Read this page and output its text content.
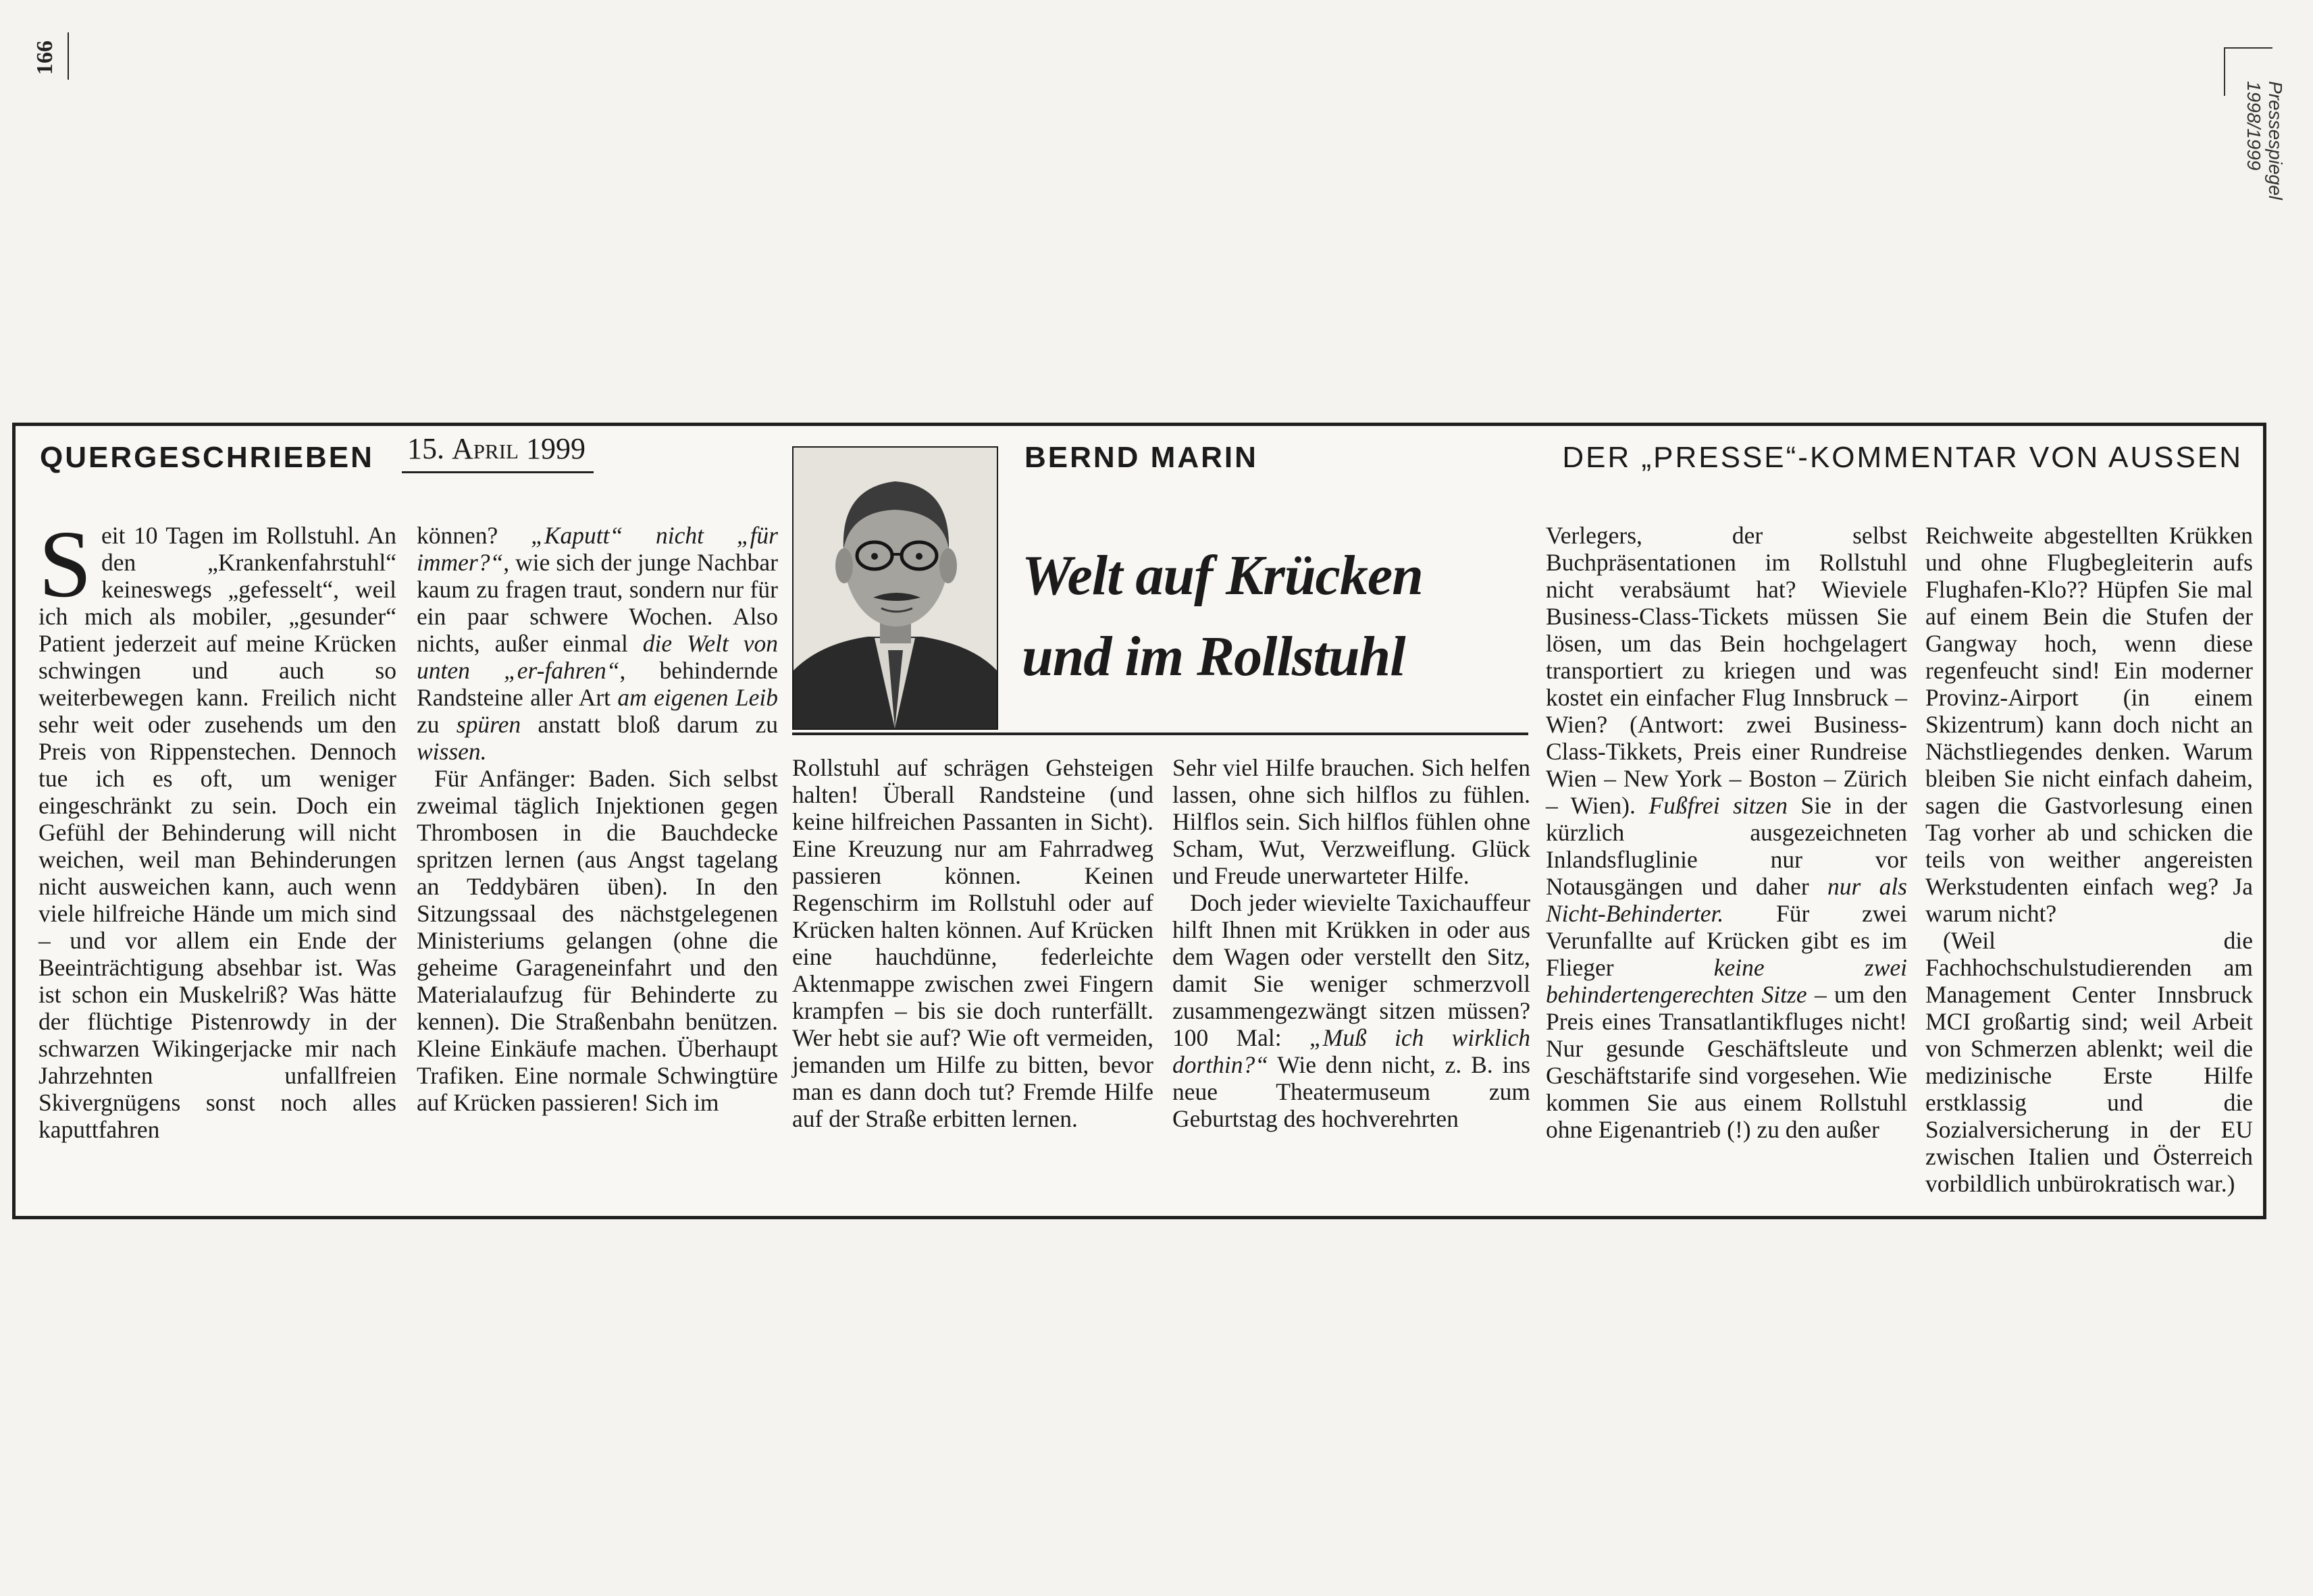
166
Pressespiegel 1998/1999
QUERGESCHRIEBEN 15. April 1999	BERND MARIN	DER „PRESSE“-KOMMENTAR VON AUSSEN
Welt auf Krücken
und im Rollstuhl

Seit 10 Tagen im Rollstuhl. An den „Krankenfahrstuhl“ keineswegs „gefesselt“, weil ich mich als mobiler, „gesunder“ Patient jederzeit auf meine Krücken schwingen und auch so weiterbewegen kann. Freilich nicht sehr weit oder zusehends um den Preis von Rippenstechen. Dennoch tue ich es oft, um weniger eingeschränkt zu sein. Doch ein Gefühl der Behinderung will nicht weichen, weil man Behinderungen nicht ausweichen kann, auch wenn viele hilfreiche Hände um mich sind – und vor allem ein Ende der Beeinträchtigung absehbar ist. Was ist schon ein Muskelriß? Was hätte der flüchtige Pistenrowdy in der schwarzen Wikingerjacke mir nach Jahrzehnten unfallfreien Skivergnügens sonst noch alles kaputtfahren

können? „Kaputt“ nicht „für immer?“, wie sich der junge Nachbar kaum zu fragen traut, sondern nur für ein paar schwere Wochen. Also nichts, außer einmal die Welt von unten „er-fahren“, behindernde Randsteine aller Art am eigenen Leib zu spüren anstatt bloß darum zu wissen.

Für Anfänger: Baden. Sich selbst zweimal täglich Injektionen gegen Thrombosen in die Bauchdecke spritzen lernen (aus Angst tagelang an Teddybären üben). In den Sitzungssaal des nächstgelegenen Ministeriums gelangen (ohne die geheime Garageneinfahrt und den Materialaufzug für Behinderte zu kennen). Die Straßenbahn benützen. Kleine Einkäufe machen. Überhaupt Trafiken. Eine normale Schwingtüre auf Krücken passieren! Sich im

Rollstuhl auf schrägen Gehsteigen halten! Überall Randsteine (und keine hilfreichen Passanten in Sicht). Eine Kreuzung nur am Fahrradweg passieren können. Keinen Regenschirm im Rollstuhl oder auf Krücken halten können. Auf Krücken eine hauchdünne, federleichte Aktenmappe zwischen zwei Fingern krampfen – bis sie doch runterfällt. Wer hebt sie auf? Wie oft vermeiden, jemanden um Hilfe zu bitten, bevor man es dann doch tut? Fremde Hilfe auf der Straße erbitten lernen.

Sehr viel Hilfe brauchen. Sich helfen lassen, ohne sich hilflos zu fühlen. Hilflos sein. Sich hilflos fühlen ohne Scham, Wut, Verzweiflung. Glück und Freude unerwarteter Hilfe.

Doch jeder wievielte Taxichauffeur hilft Ihnen mit Krükken in oder aus dem Wagen oder verstellt den Sitz, damit Sie weniger schmerzvoll zusammengezwängt sitzen müssen? 100 Mal: „Muß ich wirklich dorthin?“ Wie denn nicht, z. B. ins neue Theatermuseum zum Geburtstag des hochverehrten

Verlegers, der selbst Buchpräsentationen im Rollstuhl nicht verabsäumt hat? Wieviele Business-Class-Tickets müssen Sie lösen, um das Bein hochgelagert transportiert zu kriegen und was kostet ein einfacher Flug Innsbruck – Wien? (Antwort: zwei Business-Class-Tikkets, Preis einer Rundreise Wien – New York – Boston – Zürich – Wien). Fußfrei sitzen Sie in der kürzlich ausgezeichneten Inlandsfluglinie nur vor Notausgängen und daher nur als Nicht-Behinderter. Für zwei Verunfallte auf Krücken gibt es im Flieger keine zwei behindertengerechten Sitze – um den Preis eines Transatlantikfluges nicht! Nur gesunde Geschäftsleute und Geschäftstarife sind vorgesehen. Wie kommen Sie aus einem Rollstuhl ohne Eigenantrieb (!) zu den außer

Reichweite abgestellten Krükken und ohne Flugbegleiterin aufs Flughafen-Klo?? Hüpfen Sie mal auf einem Bein die Stufen der Gangway hoch, wenn diese regenfeucht sind! Ein moderner Provinz-Airport (in einem Skizentrum) kann doch nicht an Nächstliegendes denken. Warum bleiben Sie nicht einfach daheim, sagen die Gastvorlesung einen Tag vorher ab und schicken die teils von weither angereisten Werkstudenten einfach weg? Ja warum nicht?

(Weil die Fachhochschulstudierenden am Management Center Innsbruck MCI großartig sind; weil Arbeit von Schmerzen ablenkt; weil die medizinische Erste Hilfe erstklassig und die Sozialversicherung in der EU zwischen Italien und Österreich vorbildlich unbürokratisch war.)
